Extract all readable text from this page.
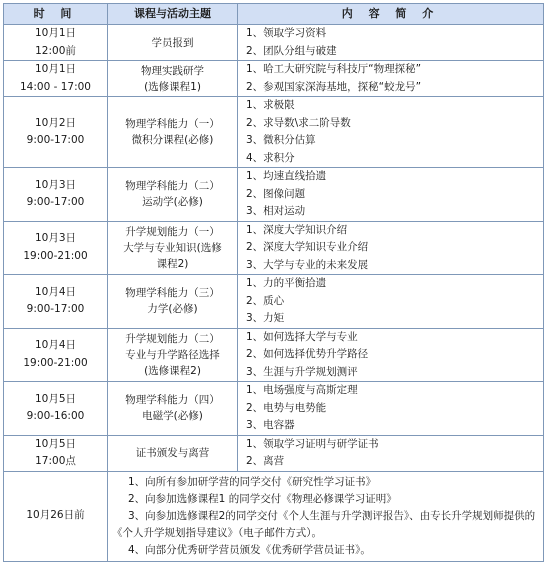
时 间	课程与活动主题	内 容 简 介

10月1日
12:00前	学员报到	1、领取学习资料
2、团队分组与破建

10月1日
14:00 - 17:00	物理实践研学
(选修课程1)	1、哈工大研究院与科技厅“物理探秘”
2、参观国家深海基地，探秘“蛟龙号”

10月2日
9:00-17:00	物理学科能力（一）
微积分课程(必修)	1、求极限
2、求导数\求二阶导数
3、微积分估算
4、求积分

10月3日
9:00-17:00	物理学科能力（二）
运动学(必修)	1、均速直线拾遗
2、图像问题
3、相对运动

10月3日
19:00-21:00	升学规划能力（一）
大学与专业知识(选修
课程2)	1、深度大学知识介绍
2、深度大学知识专业介绍
3、大学与专业的未来发展

10月4日
9:00-17:00	物理学科能力（三）
力学(必修)	1、力的平衡拾遗
2、质心
3、力矩

10月4日
19:00-21:00	升学规划能力（二）
专业与升学路径选择
(选修课程2)	1、如何选择大学与专业
2、如何选择优势升学路径
3、生涯与升学规划测评

10月5日
9:00-16:00	物理学科能力（四）
电磁学(必修)	1、电场强度与高斯定理
2、电势与电势能
3、电容器

10月5日
17:00点	证书颁发与离营	1、领取学习证明与研学证书
2、离营

10月26日前	1、向所有参加研学营的同学交付《研究性学习证书》
2、向参加选修课程1 的同学交付《物理必修课学习证明》
3、向参加选修课程2的同学交付《个人生涯与升学测评报告》、由专长升学规划师提供的《个人升学规划指导建议》（电子邮件方式）。
4、向部分优秀研学营员颁发《优秀研学营员证书》。	
